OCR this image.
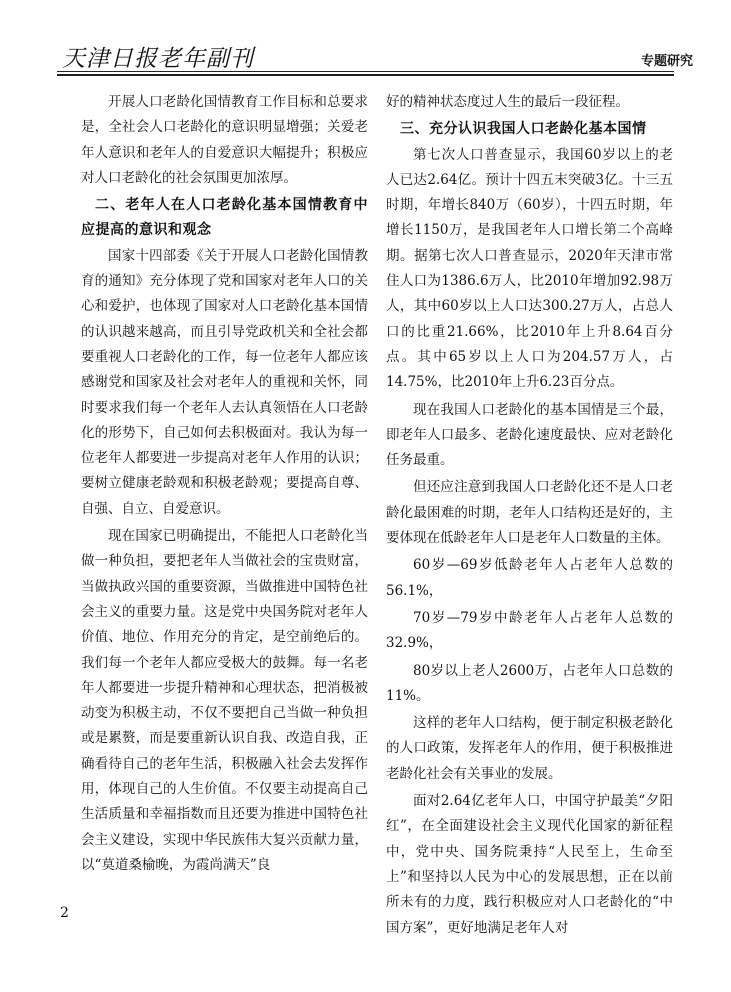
天津日报老年副刊	专题研究

开展人口老龄化国情教育工作目标和总要求是，全社会人口老龄化的意识明显增强；关爱老年人意识和老年人的自爱意识大幅提升；积极应对人口老龄化的社会氛围更加浓厚。

二、老年人在人口老龄化基本国情教育中应提高的意识和观念

国家十四部委《关于开展人口老龄化国情教育的通知》充分体现了党和国家对老年人口的关心和爱护，也体现了国家对人口老龄化基本国情的认识越来越高，而且引导党政机关和全社会都要重视人口老龄化的工作，每一位老年人都应该感谢党和国家及社会对老年人的重视和关怀，同时要求我们每一个老年人去认真领悟在人口老龄化的形势下，自己如何去积极面对。我认为每一位老年人都要进一步提高对老年人作用的认识；要树立健康老龄观和积极老龄观；要提高自尊、自强、自立、自爱意识。

现在国家已明确提出，不能把人口老龄化当做一种负担，要把老年人当做社会的宝贵财富，当做执政兴国的重要资源，当做推进中国特色社会主义的重要力量。这是党中央国务院对老年人价值、地位、作用充分的肯定，是空前绝后的。我们每一个老年人都应受极大的鼓舞。每一名老年人都要进一步提升精神和心理状态，把消极被动变为积极主动，不仅不要把自己当做一种负担或是累赘，而是要重新认识自我、改造自我，正确看待自己的老年生活，积极融入社会去发挥作用，体现自己的人生价值。不仅要主动提高自己生活质量和幸福指数而且还要为推进中国特色社会主义建设，实现中华民族伟大复兴贡献力量，以“莫道桑榆晚，为霞尚满天”良

好的精神状态度过人生的最后一段征程。

三、充分认识我国人口老龄化基本国情

第七次人口普查显示，我国60岁以上的老人已达2.64亿。预计十四五末突破3亿。十三五时期，年增长840万（60岁），十四五时期，年增长1150万，是我国老年人口增长第二个高峰期。据第七次人口普查显示，2020年天津市常住人口为1386.6万人，比2010年增加92.98万人，其中60岁以上人口达300.27万人，占总人口的比重21.66%，比2010年上升8.64百分点。其中65岁以上人口为204.57万人，占14.75%，比2010年上升6.23百分点。

现在我国人口老龄化的基本国情是三个最，即老年人口最多、老龄化速度最快、应对老龄化任务最重。

但还应注意到我国人口老龄化还不是人口老龄化最困难的时期，老年人口结构还是好的，主要体现在低龄老年人口是老年人口数量的主体。

60岁—69岁低龄老年人占老年人总数的56.1%，

70岁—79岁中龄老年人占老年人总数的32.9%，

80岁以上老人2600万，占老年人口总数的11%。

这样的老年人口结构，便于制定积极老龄化的人口政策，发挥老年人的作用，便于积极推进老龄化社会有关事业的发展。

面对2.64亿老年人口，中国守护最美“夕阳红”，在全面建设社会主义现代化国家的新征程中，党中央、国务院秉持“人民至上，生命至上”和坚持以人民为中心的发展思想，正在以前所未有的力度，践行积极应对人口老龄化的“中国方案”，更好地满足老年人对

2
